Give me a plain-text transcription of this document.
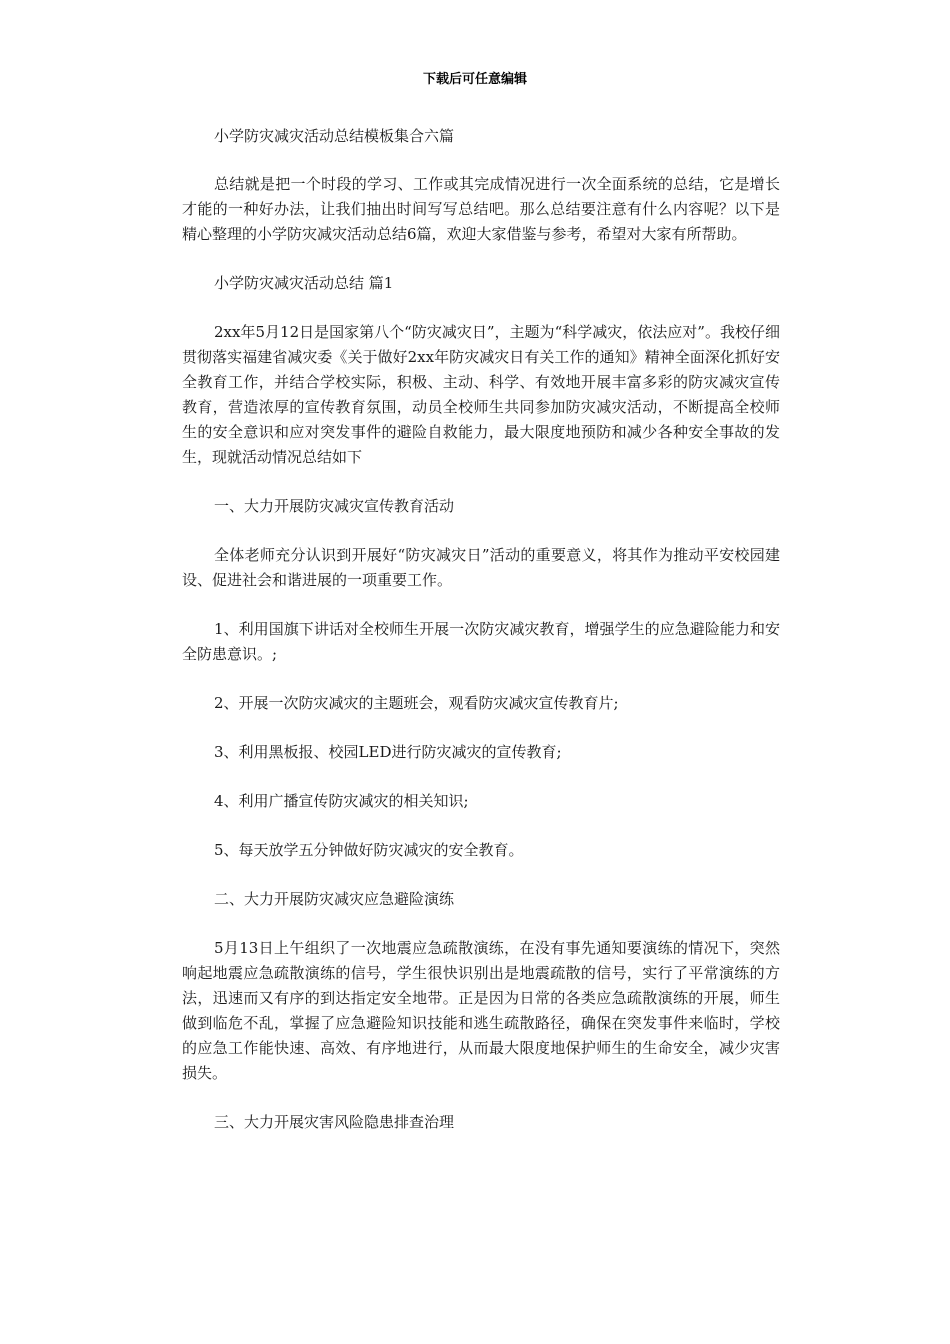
下载后可任意编辑

小学防灾减灾活动总结模板集合六篇

总结就是把一个时段的学习、工作或其完成情况进行一次全面系统的总结，它是增长才能的一种好办法，让我们抽出时间写写总结吧。那么总结要注意有什么内容呢？以下是精心整理的小学防灾减灾活动总结6篇，欢迎大家借鉴与参考，希望对大家有所帮助。

小学防灾减灾活动总结 篇1

2xx年5月12日是国家第八个“防灾减灾日”，主题为“科学减灾，依法应对”。我校仔细贯彻落实福建省减灾委《关于做好2xx年防灾减灾日有关工作的通知》精神全面深化抓好安全教育工作，并结合学校实际，积极、主动、科学、有效地开展丰富多彩的防灾减灾宣传教育，营造浓厚的宣传教育氛围，动员全校师生共同参加防灾减灾活动，不断提高全校师生的安全意识和应对突发事件的避险自救能力，最大限度地预防和减少各种安全事故的发生，现就活动情况总结如下

一、大力开展防灾减灾宣传教育活动

全体老师充分认识到开展好“防灾减灾日”活动的重要意义，将其作为推动平安校园建设、促进社会和谐进展的一项重要工作。

1、利用国旗下讲话对全校师生开展一次防灾减灾教育，增强学生的应急避险能力和安全防患意识。;

2、开展一次防灾减灾的主题班会，观看防灾减灾宣传教育片;

3、利用黑板报、校园LED进行防灾减灾的宣传教育;

4、利用广播宣传防灾减灾的相关知识;

5、每天放学五分钟做好防灾减灾的安全教育。

二、大力开展防灾减灾应急避险演练

5月13日上午组织了一次地震应急疏散演练，在没有事先通知要演练的情况下，突然响起地震应急疏散演练的信号，学生很快识别出是地震疏散的信号，实行了平常演练的方法，迅速而又有序的到达指定安全地带。正是因为日常的各类应急疏散演练的开展，师生做到临危不乱，掌握了应急避险知识技能和逃生疏散路径，确保在突发事件来临时，学校的应急工作能快速、高效、有序地进行，从而最大限度地保护师生的生命安全，减少灾害损失。

三、大力开展灾害风险隐患排查治理
